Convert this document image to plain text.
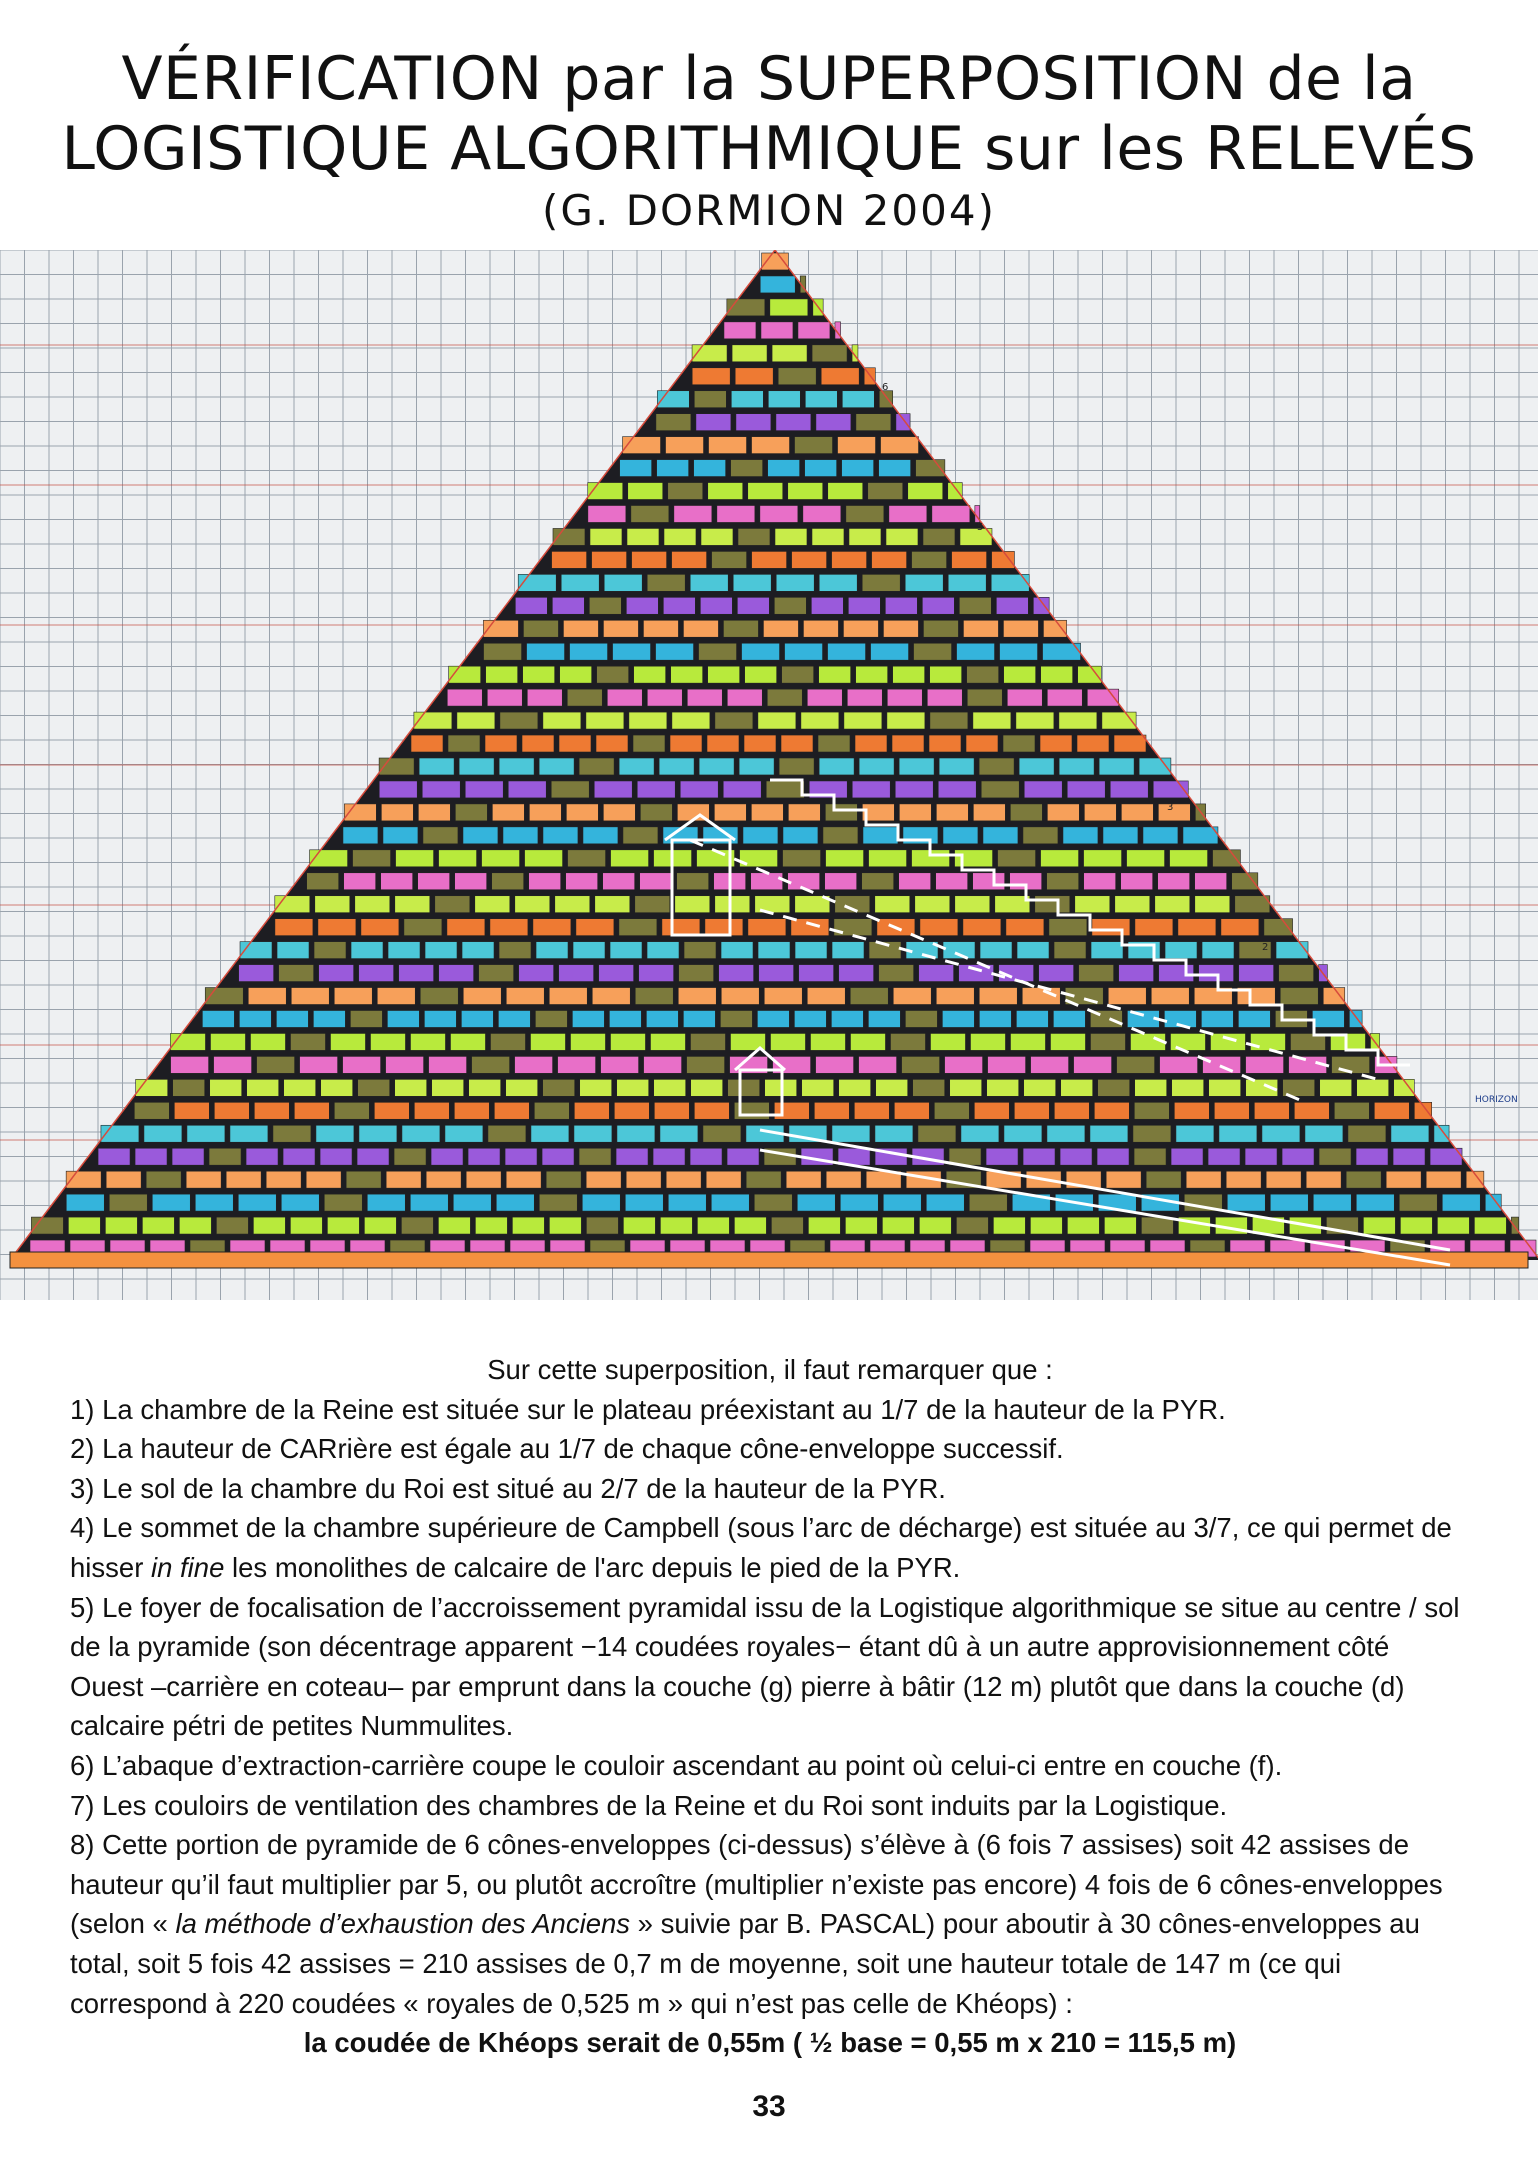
VÉRIFICATION par la SUPERPOSITION de la
LOGISTIQUE ALGORITHMIQUE sur les RELEVÉS
(G. DORMION 2004)
HORIZON
6
5
4
3
2

Sur cette superposition, il faut remarquer que :

1) La chambre de la Reine est située sur le plateau préexistant au 1/7 de la hauteur de la PYR.

2) La hauteur de CARrière est égale au 1/7 de chaque cône-enveloppe successif.

3) Le sol de la chambre du Roi est situé au 2/7 de la hauteur de la PYR.

4) Le sommet de la chambre supérieure de Campbell (sous l’arc de décharge) est située au 3/7, ce qui permet de hisser in fine les monolithes de calcaire de l'arc depuis le pied de la PYR.

5) Le foyer de focalisation de l’accroissement pyramidal issu de la Logistique algorithmique se situe au centre / sol de la pyramide (son décentrage apparent −14 coudées royales− étant dû à un autre approvisionnement côté Ouest –carrière en coteau– par emprunt dans la couche (g) pierre à bâtir (12 m) plutôt que dans la couche (d) calcaire pétri de petites Nummulites.

6) L’abaque d’extraction-carrière coupe le couloir ascendant au point où celui-ci entre en couche (f).

7) Les couloirs de ventilation des chambres de la Reine et du Roi sont induits par la Logistique.

8) Cette portion de pyramide de 6 cônes-enveloppes (ci-dessus) s’élève à (6 fois 7 assises) soit 42 assises de hauteur qu’il faut multiplier par 5, ou plutôt accroître (multiplier n’existe pas encore) 4 fois de 6 cônes-enveloppes (selon « la méthode d’exhaustion des Anciens » suivie par B. PASCAL) pour aboutir à 30 cônes-enveloppes au total, soit 5 fois 42 assises = 210 assises de 0,7 m de moyenne, soit une hauteur totale de 147 m (ce qui correspond à 220 coudées « royales de 0,525 m » qui n’est pas celle de Khéops) :

la coudée de Khéops serait de 0,55m ( ½ base = 0,55 m x 210 = 115,5 m)

33
